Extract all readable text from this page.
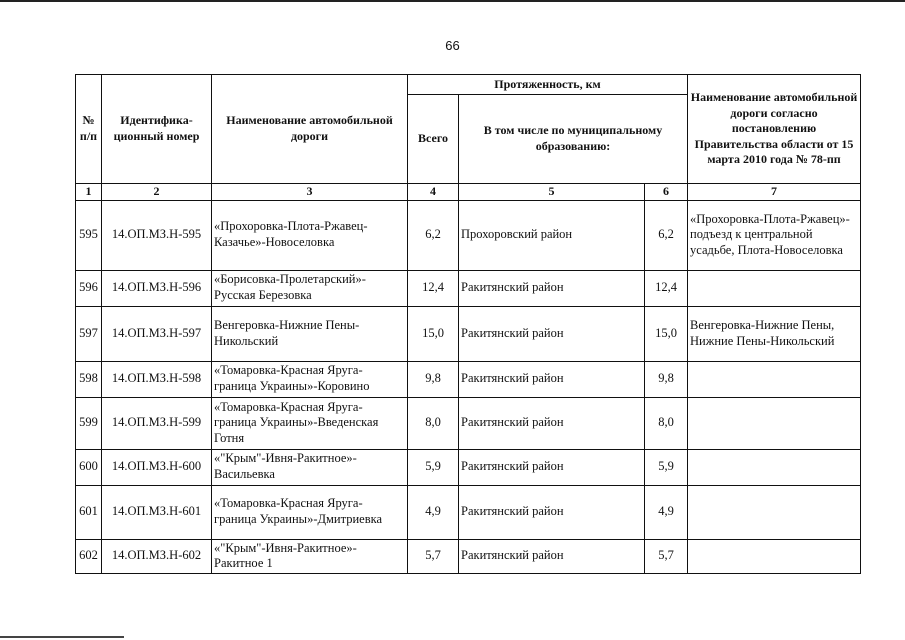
66
№ п/п	Идентифика-ционный номер	Наименование автомобильной дороги	Протяженность, км			Наименование автомобильной дороги согласно постановлению Правительства области от 15 марта 2010 года № 78-пп
			Всего	В том числе по муниципальному образованию:		
1	2	3	4	5	6	7
595	14.ОП.МЗ.Н-595	«Прохоровка-Плота-Ржавец-Казачье»-Новоселовка	6,2	Прохоровский район	6,2	«Прохоровка-Плота-Ржавец»-подъезд к центральной усадьбе, Плота-Новоселовка
596	14.ОП.МЗ.Н-596	«Борисовка-Пролетарский»-Русская Березовка	12,4	Ракитянский район	12,4	
597	14.ОП.МЗ.Н-597	Венгеровка-Нижние Пены-Никольский	15,0	Ракитянский район	15,0	Венгеровка-Нижние Пены, Нижние Пены-Никольский
598	14.ОП.МЗ.Н-598	«Томаровка-Красная Яруга-граница Украины»-Коровино	9,8	Ракитянский район	9,8	
599	14.ОП.МЗ.Н-599	«Томаровка-Красная Яруга-граница Украины»-Введенская Готня	8,0	Ракитянский район	8,0	
600	14.ОП.МЗ.Н-600	«"Крым"-Ивня-Ракитное»-Васильевка	5,9	Ракитянский район	5,9	
601	14.ОП.МЗ.Н-601	«Томаровка-Красная Яруга-граница Украины»-Дмитриевка	4,9	Ракитянский район	4,9	
602	14.ОП.МЗ.Н-602	«"Крым"-Ивня-Ракитное»-Ракитное 1	5,7	Ракитянский район	5,7	
